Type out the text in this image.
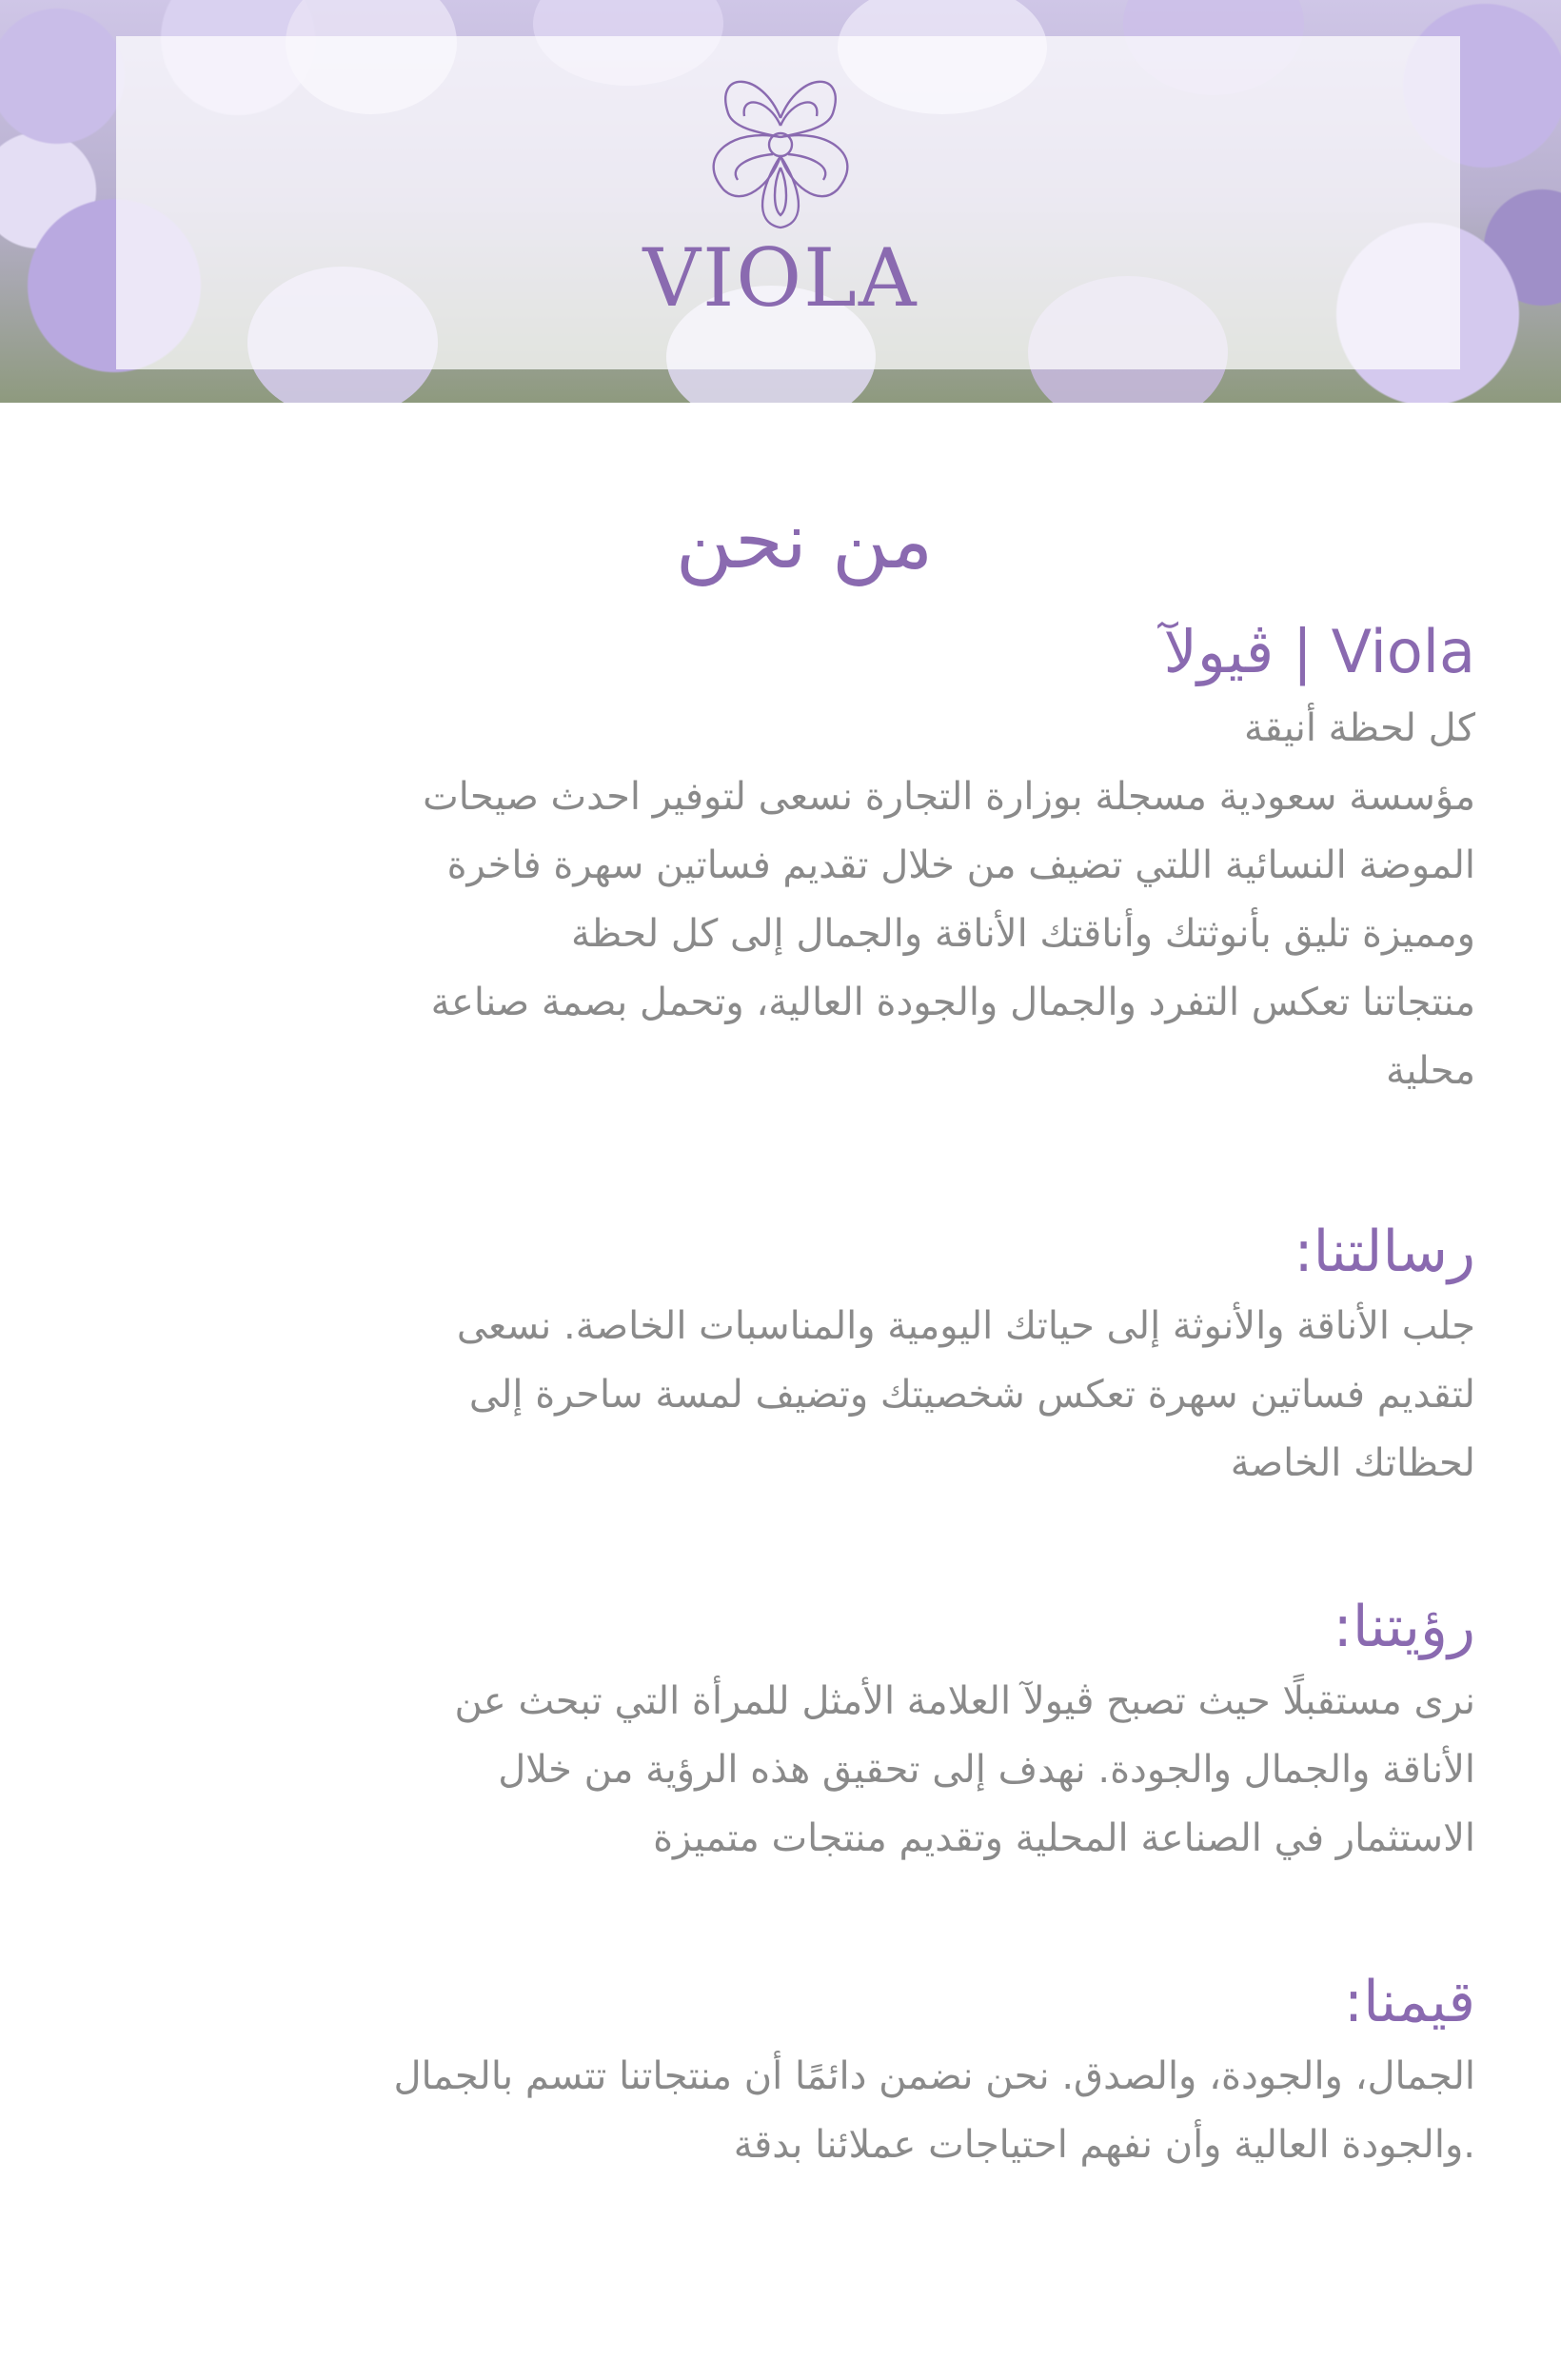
VIOLA
من نحن
Viola | ڤيولآ

كل لحظة أنيقة
مؤسسة سعودية مسجلة بوزارة التجارة نسعى لتوفير احدث صيحات
الموضة النسائية اللتي تضيف من خلال تقديم فساتين سهرة فاخرة
ومميزة تليق بأنوثتك وأناقتك الأناقة والجمال إلى كل لحظة
منتجاتنا تعكس التفرد والجمال والجودة العالية، وتحمل بصمة صناعة
محلية

رسالتنا:

جلب الأناقة والأنوثة إلى حياتك اليومية والمناسبات الخاصة. نسعى
لتقديم فساتين سهرة تعكس شخصيتك وتضيف لمسة ساحرة إلى
لحظاتك الخاصة

رؤيتنا:

نرى مستقبلًا حيث تصبح ڤيولآ العلامة الأمثل للمرأة التي تبحث عن
الأناقة والجمال والجودة. نهدف إلى تحقيق هذه الرؤية من خلال
الاستثمار في الصناعة المحلية وتقديم منتجات متميزة

قيمنا:

الجمال، والجودة، والصدق. نحن نضمن دائمًا أن منتجاتنا تتسم بالجمال
.والجودة العالية وأن نفهم احتياجات عملائنا بدقة
